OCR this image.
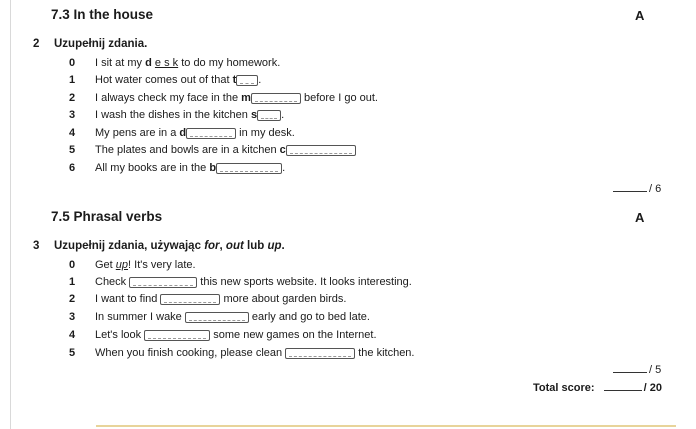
7.3 In the house	A
2 Uzupełnij zdania.
0	I sit at my d e s k to do my homework.
1	Hot water comes out of that t .
2	I always check my face in the m	before I go out.
3	I wash the dishes in the kitchen s .
4	My pens are in a d	in my desk.
5	The plates and bowls are in a kitchen c
6	All my books are in the b	.
/ 6
7.5 Phrasal verbs	A
3 Uzupełnij zdania, używając for, out lub up.
0	Get up! It's very late.
1	Check	this new sports website. It looks interesting.
2	I want to find	more about garden birds.
3	In summer I wake	early and go to bed late.
4	Let's look	some new games on the Internet.
5	When you finish cooking, please clean	the kitchen.
/ 5
Total score:	/ 20
